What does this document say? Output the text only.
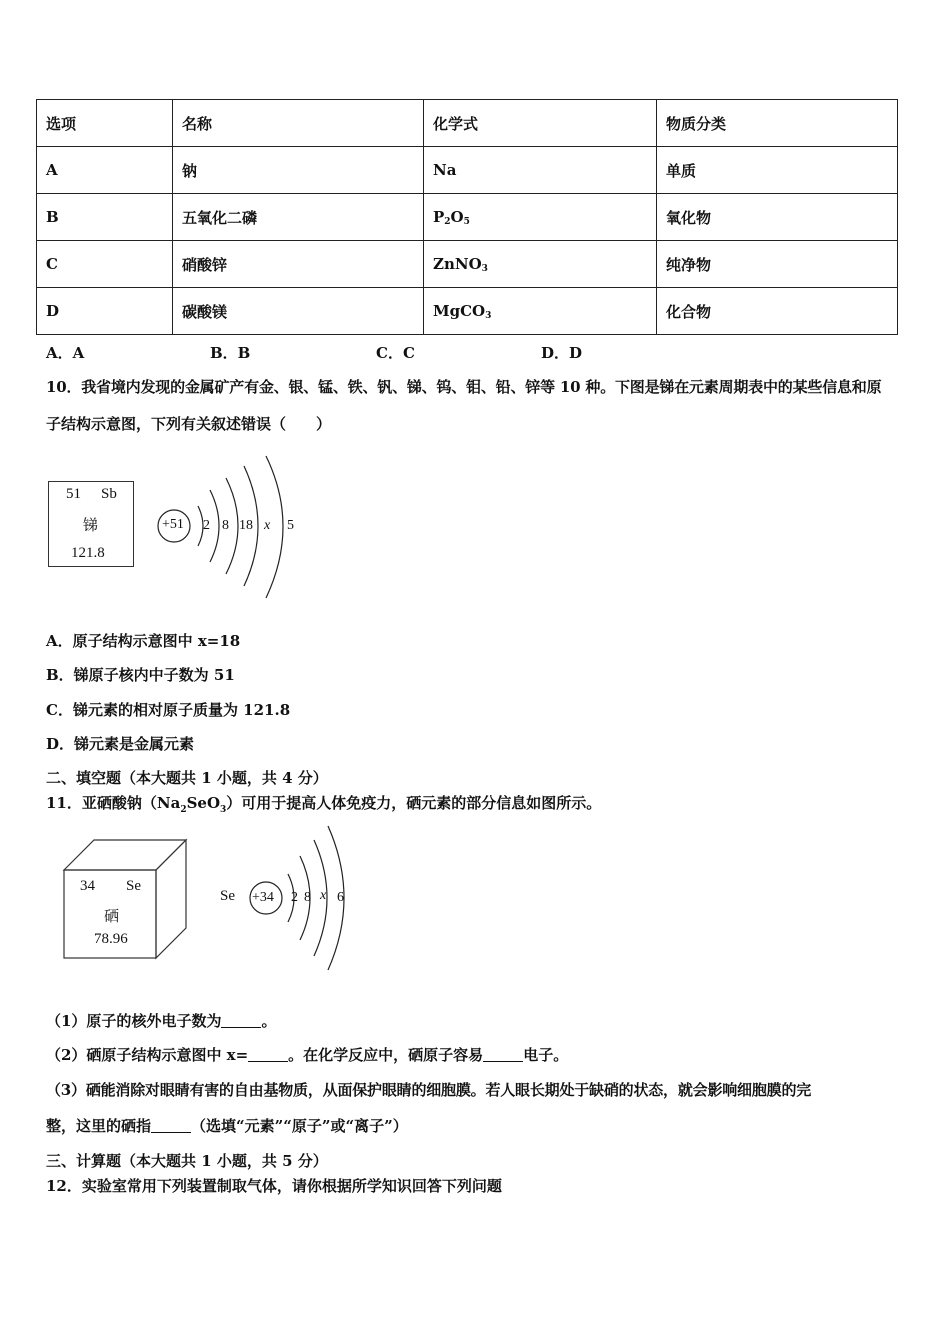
选项	名称	化学式	物质分类
A	钠	Na	单质
B	五氧化二磷	$P_2O_5$	氧化物
C	硝酸锌	ZnNO$_3$	纯净物
D	碳酸镁	MgCO$_3$	化合物
A．A	B．B	C．C	D．D
10．我省境内发现的金属矿产有金、银、锰、铁、钒、锑、钨、钼、铅、锌等 10 种。下图是锑在元素周期表中的某些信息和原
子结构示意图，下列有关叙述错误（　　）
51 Sb
锑
121.8
+51 2 8 18 x 5
A．原子结构示意图中 x=18
B．锑原子核内中子数为 51
C．锑元素的相对原子质量为 121.8
D．锑元素是金属元素
二、填空题（本大题共 1 小题，共 4 分）
11．亚硒酸钠$(Na_2SeO_3)$可用于提高人体免疫力，硒元素的部分信息如图所示。
34 Se
硒
78.96
Se +34 2 8 x 6
（1）原子的核外电子数为	。
（2）硒原子结构示意图中 x=	。在化学反应中，硒原子容易	电子。
（3）硒能消除对眼睛有害的自由基物质，从面保护眼睛的细胞膜。若人眼长期处于缺硝的状态，就会影响细胞膜的完
整，这里的硒指	（选填“元素”“原子”或“离子”）
三、计算题（本大题共 1 小题，共 5 分）
12．实验室常用下列装置制取气体，请你根据所学知识回答下列问题
